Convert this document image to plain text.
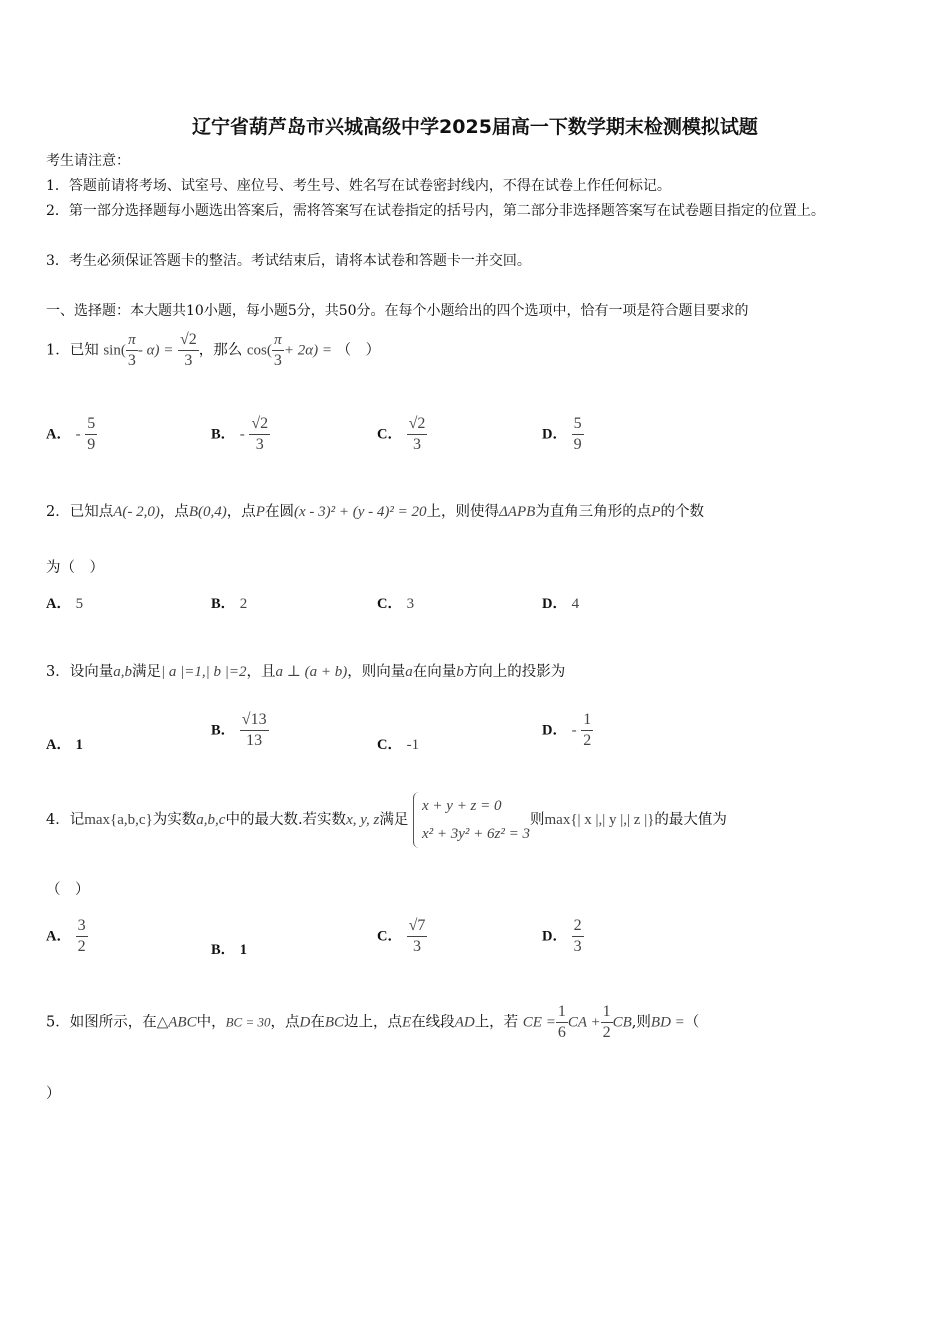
辽宁省葫芦岛市兴城高级中学2025届高一下数学期末检测模拟试题
考生请注意：
1．答题前请将考场、试室号、座位号、考生号、姓名写在试卷密封线内，不得在试卷上作任何标记。
2．第一部分选择题每小题选出答案后，需将答案写在试卷指定的括号内，第二部分非选择题答案写在试卷题目指定的位置上。
3．考生必须保证答题卡的整洁。考试结束后，请将本试卷和答题卡一并交回。
一、选择题：本大题共10小题，每小题5分，共50分。在每个小题给出的四个选项中，恰有一项是符合题目要求的
1．已知 $\sin( \frac{\pi}{3} - \alpha) = \frac{√2}{3}$ ，那么 $\cos( \frac{\pi}{3} + 2\alpha)$ = （　）
A． - $\frac{5}{9}$	B． - $\frac{√2}{3}$	C． $\frac{√2}{3}$	D． $\frac{5}{9}$
2．已知点A(- 2,0)，点B(0,4)，点P在圆(x - 3)² + (y - 4)² = 20上，则使得ΔAPB为直角三角形的点P的个数
为（　）
A． 5	B． 2	C． 3	D． 4
3．设向量a,b满足| a |=1,| b |=2，且a ⊥ (a + b)，则向量a在向量b方向上的投影为
A． 1
B． $\frac{√13}{13}$	C． -1
D． - $\frac{1}{2}$
4．记max{a,b,c}为实数a,b,c中的最大数.若实数x, y, z满足
x + y + z = 0
x² + 3y² + 6z² = 3
则max{| x |,| y |,| z |}的最大值为
（　）
A． $\frac{3}{2}$	B． 1
C． $\frac{√7}{3}$	D． $\frac{2}{3}$
5．如图所示，在△ABC中，BC = 30，点D在BC边上，点E在线段AD上，若 CE = $\frac{1}{6}$ CA + $\frac{1}{2}$ CB,则BD =（
）
